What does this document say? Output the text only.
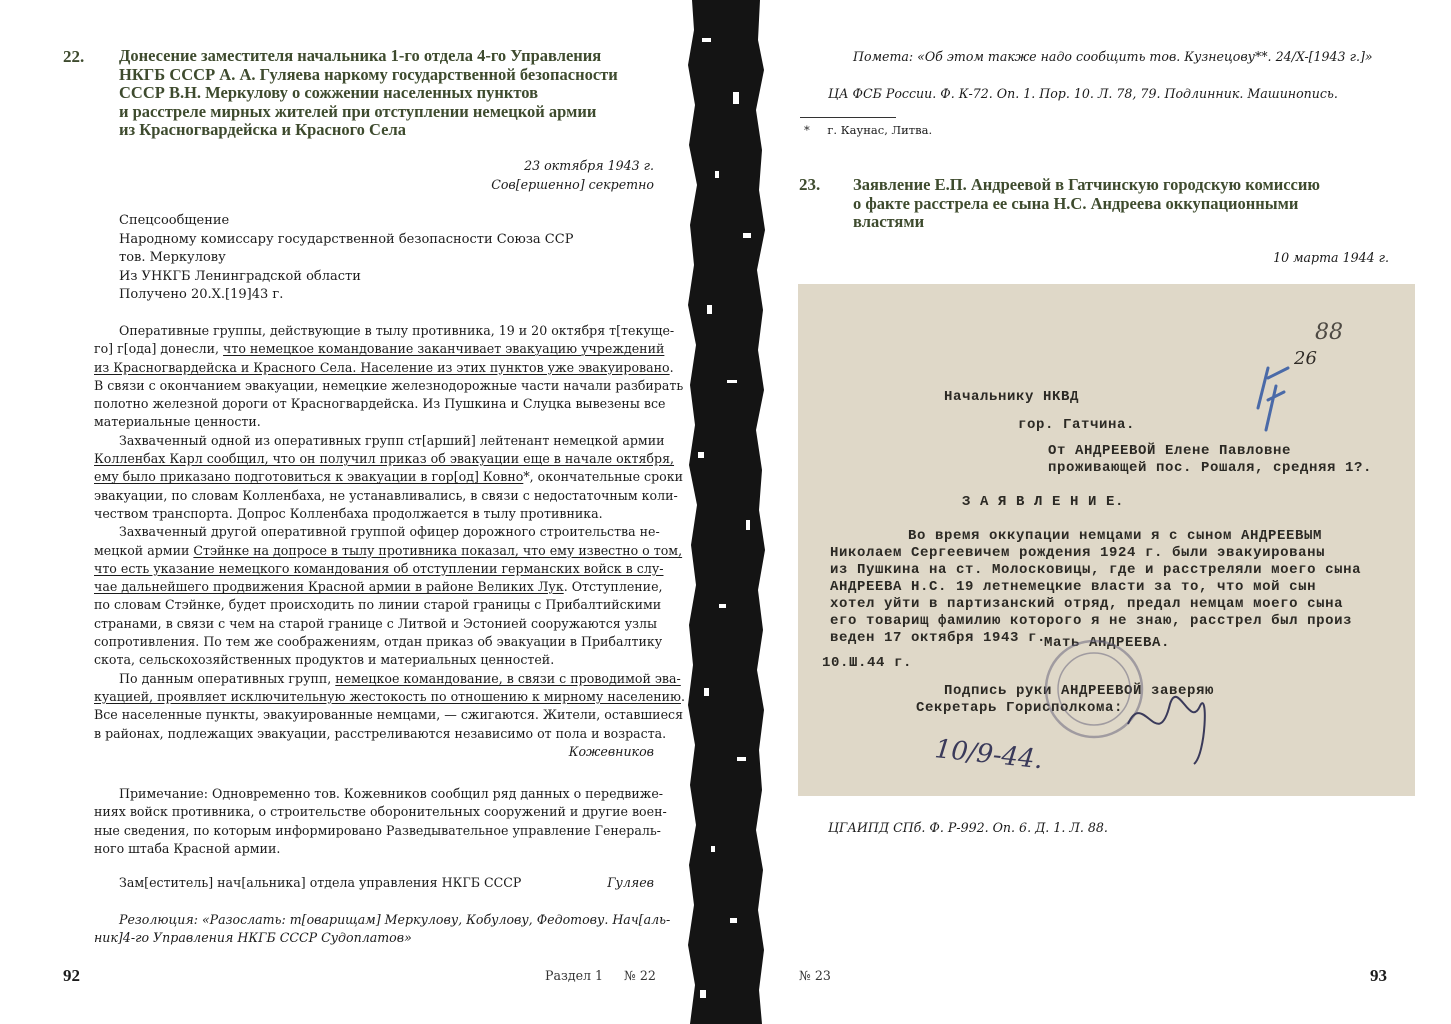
22. Донесение заместителя начальника 1-го отдела 4-го Управления
НКГБ СССР А. А. Гуляева наркому государственной безопасности
СССР В.Н. Меркулову о сожжении населенных пунктов
и расстреле мирных жителей при отступлении немецкой армии
из Красногвардейска и Красного Села
23 октября 1943 г.
Сов[ершенно] секретно
Спецсообщение
Народному комиссару государственной безопасности Союза ССР
тов. Меркулову
Из УНКГБ Ленинградской области
Получено 20.X.[19]43 г.
Оперативные группы, действующие в тылу противника, 19 и 20 октября т[текуще-
го] г[ода] донесли, что немецкое командование заканчивает эвакуацию учреждений
из Красногвардейска и Красного Села. Население из этих пунктов уже эвакуировано.
В связи с окончанием эвакуации, немецкие железнодорожные части начали разбирать
полотно железной дороги от Красногвардейска. Из Пушкина и Слуцка вывезены все
материальные ценности.
Захваченный одной из оперативных групп ст[арший] лейтенант немецкой армии
Колленбах Карл сообщил, что он получил приказ об эвакуации еще в начале октября,
ему было приказано подготовиться к эвакуации в гор[од] Ковно*, окончательные сроки
эвакуации, по словам Колленбаха, не устанавливались, в связи с недостаточным коли-
чеством транспорта. Допрос Колленбаха продолжается в тылу противника.
Захваченный другой оперативной группой офицер дорожного строительства не-
мецкой армии Стэйнке на допросе в тылу противника показал, что ему известно о том,
что есть указание немецкого командования об отступлении германских войск в слу-
чае дальнейшего продвижения Красной армии в районе Великих Лук. Отступление,
по словам Стэйнке, будет происходить по линии старой границы с Прибалтийскими
странами, в связи с чем на старой границе с Литвой и Эстонией сооружаются узлы
сопротивления. По тем же соображениям, отдан приказ об эвакуации в Прибалтику
скота, сельскохозяйственных продуктов и материальных ценностей.
По данным оперативных групп, немецкое командование, в связи с проводимой эва-
куацией, проявляет исключительную жестокость по отношению к мирному населению.
Все населенные пункты, эвакуированные немцами, — сжигаются. Жители, оставшиеся
в районах, подлежащих эвакуации, расстреливаются независимо от пола и возраста.
Кожевников
Примечание: Одновременно тов. Кожевников сообщил ряд данных о передвиже-
ниях войск противника, о строительстве оборонительных сооружений и другие воен-
ные сведения, по которым информировано Разведывательное управление Генераль-
ного штаба Красной армии.
Зам[еститель] нач[альника] отдела управления НКГБ СССР	Гуляев
Резолюция: «Разослать: т[оварищам] Меркулову, Кобулову, Федотову. Нач[аль-
ник]4-го Управления НКГБ СССР Судоплатов»
92	Раздел 1 № 22
Помета: «Об этом также надо сообщить тов. Кузнецову**. 24/X-[1943 г.]»
ЦА ФСБ России. Ф. К-72. Оп. 1. Пор. 10. Л. 78, 79. Подлинник. Машинопись.
* г. Каунас, Литва.
23. Заявление Е.П. Андреевой в Гатчинскую городскую комиссию
о факте расстрела ее сына Н.С. Андреева оккупационными
властями
10 марта 1944 г.
Начальнику НКВД
гор. Гатчина.
От АНДРЕЕВОЙ Елене Павловне
проживающей пос. Рошаля, средняя 1?.
З А Я В Л Е Н И Е.
Во время оккупации немцами я с сыном АНДРЕЕВЫМ
Николаем Сергеевичем рождения 1924 г. были эвакуированы
из Пушкина на ст. Молосковицы, где и расстреляли моего сына
АНДРЕЕВА Н.С. 19 летнемецкие власти за то, что мой сын
хотел уйти в партизанский отряд, предал немцам моего сына
его товарищ фамилию которого я не знаю, расстрел был произ
веден 17 октября 1943 г.
Мать АНДРЕЕВА.
10.Ш.44 г.
Подпись руки АНДРЕЕВОЙ заверяю
Секретарь Горисполкома:
88
26
10/9-44.
ЦГАИПД СПб. Ф. Р-992. Оп. 6. Д. 1. Л. 88.
№ 23	93
